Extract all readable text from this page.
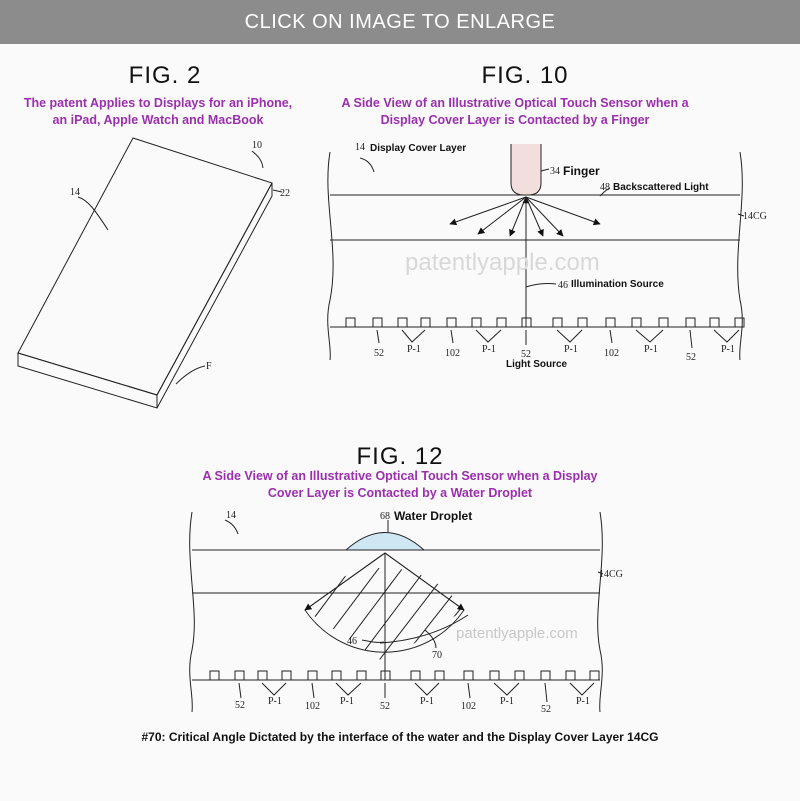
CLICK ON IMAGE TO ENLARGE
FIG. 2	FIG. 10
FIG. 12
The patent Applies to Displays for an iPhone,
an iPad, Apple Watch and MacBook
A Side View of an Illustrative Optical Touch Sensor when a
Display Cover Layer is Contacted by a Finger
A Side View of an Illustrative Optical Touch Sensor when a Display
Cover Layer is Contacted by a Water Droplet
10
14	22
F
patentlyapple.com
14 Display Cover Layer
34 Finger
48 Backscattered Light
14CG
46 Illumination Source
52 P-1 102 P-1	52	P-1	102	P-1
52
P-1
Light Source
patentlyapple.com
14	68 Water Droplet
14CG
46
70
52 P-1 102 P-1	52	P-1	102 P-1
52
P-1
#70: Critical Angle Dictated by the interface of the water and the Display Cover Layer 14CG
